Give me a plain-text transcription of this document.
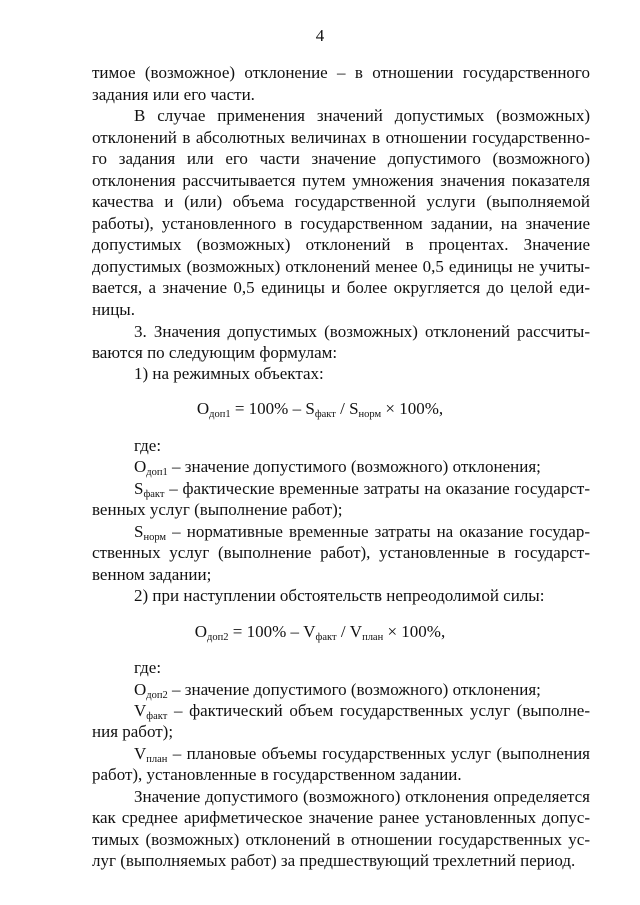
4
тимое (возможное) отклонение – в отношении государственного
задания или его части.
В случае применения значений допустимых (возможных)
отклонений в абсолютных величинах в отношении государственно-
го задания или его части значение допустимого (возможного)
отклонения рассчитывается путем умножения значения показателя
качества и (или) объема государственной услуги (выполняемой
работы), установленного в государственном задании, на значение
допустимых (возможных) отклонений в процентах. Значение
допустимых (возможных) отклонений менее 0,5 единицы не учиты-
вается, а значение 0,5 единицы и более округляется до целой еди-
ницы.
3. Значения допустимых (возможных) отклонений рассчиты-
ваются по следующим формулам:
1) на режимных объектах:
$O_{доп1} = 100\% - S_{факт} / S_{норм} \times 100\%$,
где:
$O_{доп1}$ – значение допустимого (возможного) отклонения;
$S_{факт}$ – фактические временные затраты на оказание государст-
венных услуг (выполнение работ);
$S_{норм}$ – нормативные временные затраты на оказание государ-
ственных услуг (выполнение работ), установленные в государст-
венном задании;
2) при наступлении обстоятельств непреодолимой силы:
$O_{доп2} = 100\% - V_{факт} / V_{план} \times 100\%$,
где:
$O_{доп2}$ – значение допустимого (возможного) отклонения;
$V_{факт}$ – фактический объем государственных услуг (выполне-
ния работ);
$V_{план}$ – плановые объемы государственных услуг (выполнения
работ), установленные в государственном задании.
Значение допустимого (возможного) отклонения определяется
как среднее арифметическое значение ранее установленных допус-
тимых (возможных) отклонений в отношении государственных ус-
луг (выполняемых работ) за предшествующий трехлетний период.
